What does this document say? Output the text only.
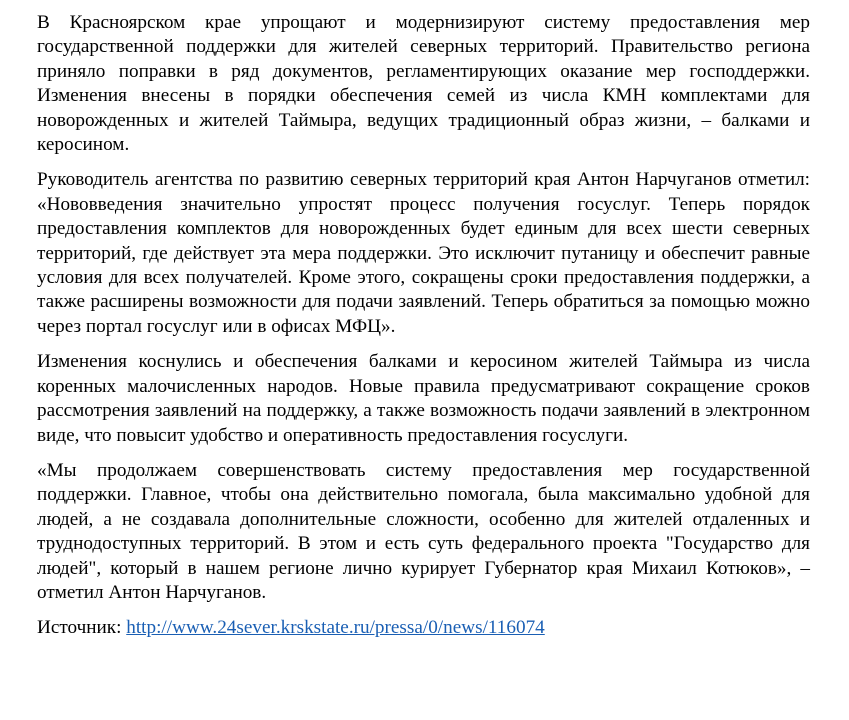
В Красноярском крае упрощают и модернизируют систему предоставления мер государственной поддержки для жителей северных территорий. Правительство региона приняло поправки в ряд документов, регламентирующих оказание мер господдержки. Изменения внесены в порядки обеспечения семей из числа КМН комплектами для новорожденных и жителей Таймыра, ведущих традиционный образ жизни, – балками и керосином.

Руководитель агентства по развитию северных территорий края Антон Нарчуганов отметил: «Нововведения значительно упростят процесс получения госуслуг. Теперь порядок предоставления комплектов для новорожденных будет единым для всех шести северных территорий, где действует эта мера поддержки. Это исключит путаницу и обеспечит равные условия для всех получателей. Кроме этого, сокращены сроки предоставления поддержки, а также расширены возможности для подачи заявлений. Теперь обратиться за помощью можно через портал госуслуг или в офисах МФЦ».

Изменения коснулись и обеспечения балками и керосином жителей Таймыра из числа коренных малочисленных народов. Новые правила предусматривают сокращение сроков рассмотрения заявлений на поддержку, а также возможность подачи заявлений в электронном виде, что повысит удобство и оперативность предоставления госуслуги.

«Мы продолжаем совершенствовать систему предоставления мер государственной поддержки. Главное, чтобы она действительно помогала, была максимально удобной для людей, а не создавала дополнительные сложности, особенно для жителей отдаленных и труднодоступных территорий. В этом и есть суть федерального проекта "Государство для людей", который в нашем регионе лично курирует Губернатор края Михаил Котюков», – отметил Антон Нарчуганов.

Источник: http://www.24sever.krskstate.ru/pressa/0/news/116074
